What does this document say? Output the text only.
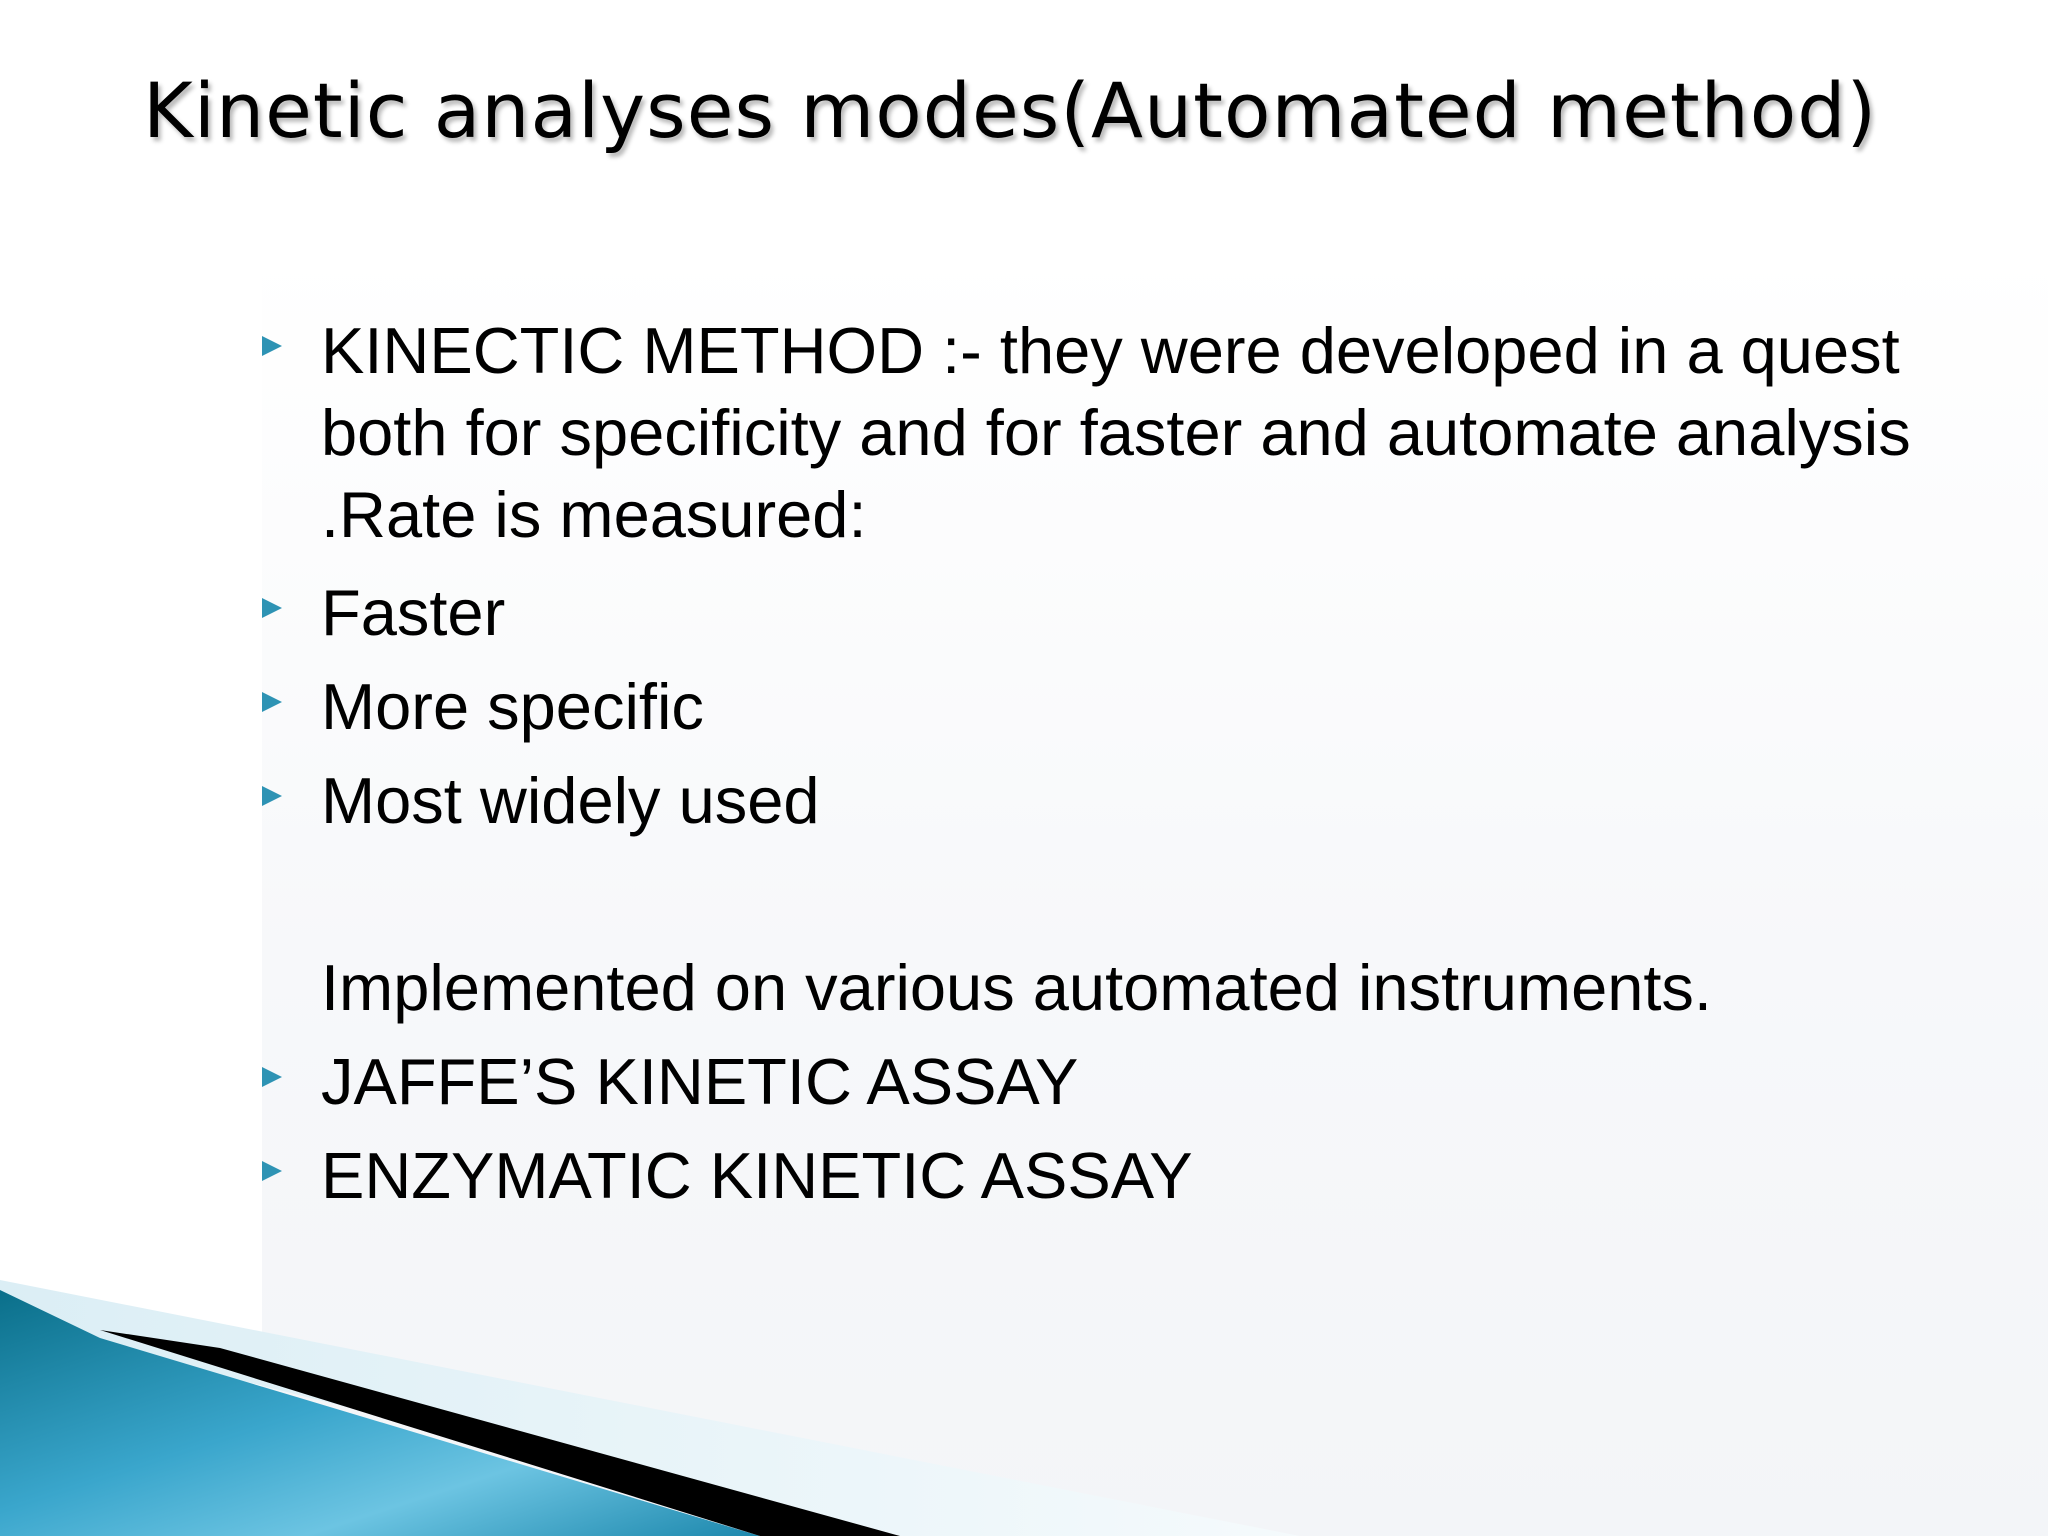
Kinetic analyses modes(Automated method)
KINECTIC METHOD :- they were developed in a quest both for specificity and for faster and automate analysis .Rate is measured:
Faster
More specific
Most widely used
Implemented on various automated instruments.
JAFFE’S KINETIC ASSAY
ENZYMATIC KINETIC ASSAY
